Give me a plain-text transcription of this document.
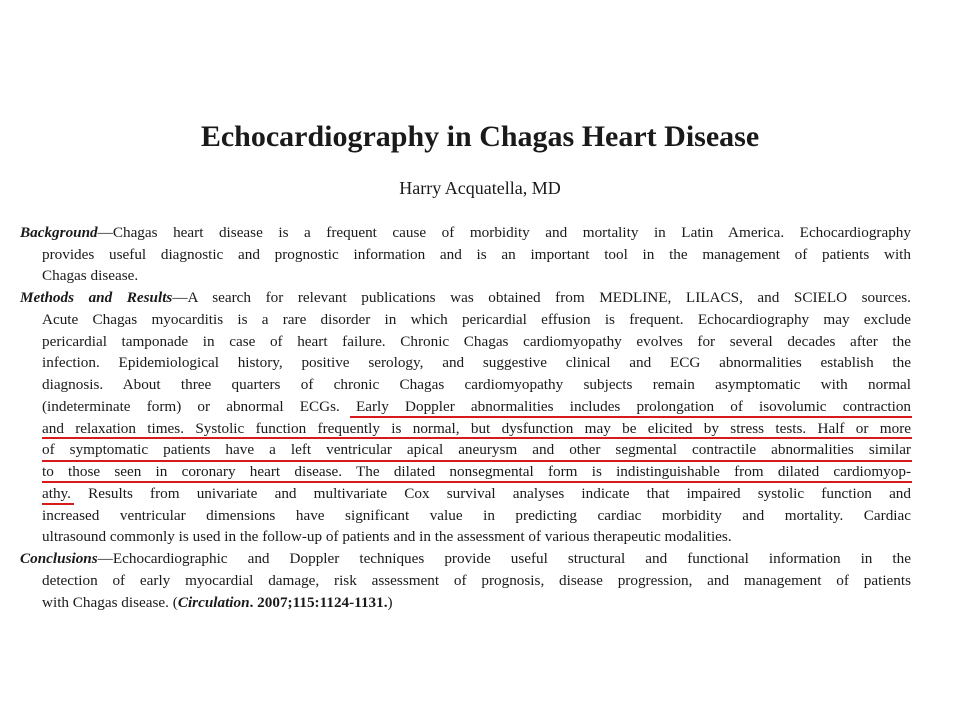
Echocardiography in Chagas Heart Disease
Harry Acquatella, MD
Background—Chagas heart disease is a frequent cause of morbidity and mortality in Latin America. Echocardiography
provides useful diagnostic and prognostic information and is an important tool in the management of patients with
Chagas disease.
Methods and Results—A search for relevant publications was obtained from MEDLINE, LILACS, and SCIELO sources.
Acute Chagas myocarditis is a rare disorder in which pericardial effusion is frequent. Echocardiography may exclude
pericardial tamponade in case of heart failure. Chronic Chagas cardiomyopathy evolves for several decades after the
infection. Epidemiological history, positive serology, and suggestive clinical and ECG abnormalities establish the
diagnosis. About three quarters of chronic Chagas cardiomyopathy subjects remain asymptomatic with normal
(indeterminate form) or abnormal ECGs. Early Doppler abnormalities includes prolongation of isovolumic contraction
and relaxation times. Systolic function frequently is normal, but dysfunction may be elicited by stress tests. Half or more
of symptomatic patients have a left ventricular apical aneurysm and other segmental contractile abnormalities similar
to those seen in coronary heart disease. The dilated nonsegmental form is indistinguishable from dilated cardiomyop-
athy. Results from univariate and multivariate Cox survival analyses indicate that impaired systolic function and
increased ventricular dimensions have significant value in predicting cardiac morbidity and mortality. Cardiac
ultrasound commonly is used in the follow-up of patients and in the assessment of various therapeutic modalities.
Conclusions—Echocardiographic and Doppler techniques provide useful structural and functional information in the
detection of early myocardial damage, risk assessment of prognosis, disease progression, and management of patients
with Chagas disease. (Circulation. 2007;115:1124-1131.)
